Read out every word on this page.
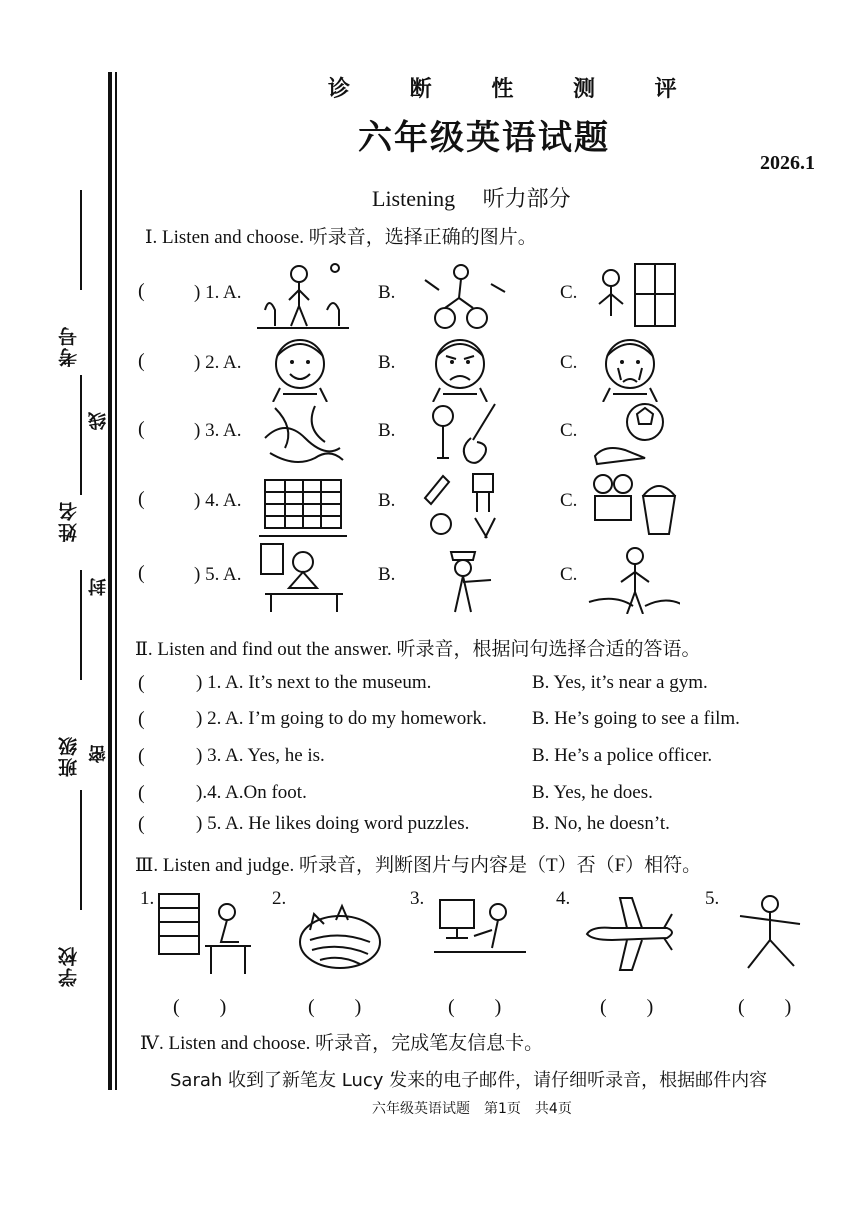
考号
线
姓名
封
班级 密
学校
诊 断 性 测 评
六年级英语试题
2026.1
Listening　 听力部分
Ⅰ. Listen and choose. 听录音，选择正确的图片。
(	) 1. A.	B.	C.
(	) 2. A.	B.	C.
(	) 3. A.	B.	C.
(	) 4. A.	B.	C.
(	) 5. A.	B.	C.
Ⅱ. Listen and find out the answer. 听录音，根据问句选择合适的答语。
(	) 1. A. It’s next to the museum.	B. Yes, it’s near a gym.
(	) 2. A. I’m going to do my homework. B. He’s going to see a film.
(	) 3. A. Yes, he is.	B. He’s a police officer.
(	).4. A.On foot.	B. Yes, he does.
(	) 5. A. He likes doing word puzzles.	B. No, he doesn’t.
Ⅲ. Listen and judge. 听录音，判断图片与内容是（T）否（F）相符。
1.
(　　)
2.
(　　)
3.
(　　)
4.
(　　)
5.
(　　)
Ⅳ. Listen and choose. 听录音，完成笔友信息卡。
Sarah 收到了新笔友 Lucy 发来的电子邮件，请仔细听录音，根据邮件内容
六年级英语试题　第1页　共4页
